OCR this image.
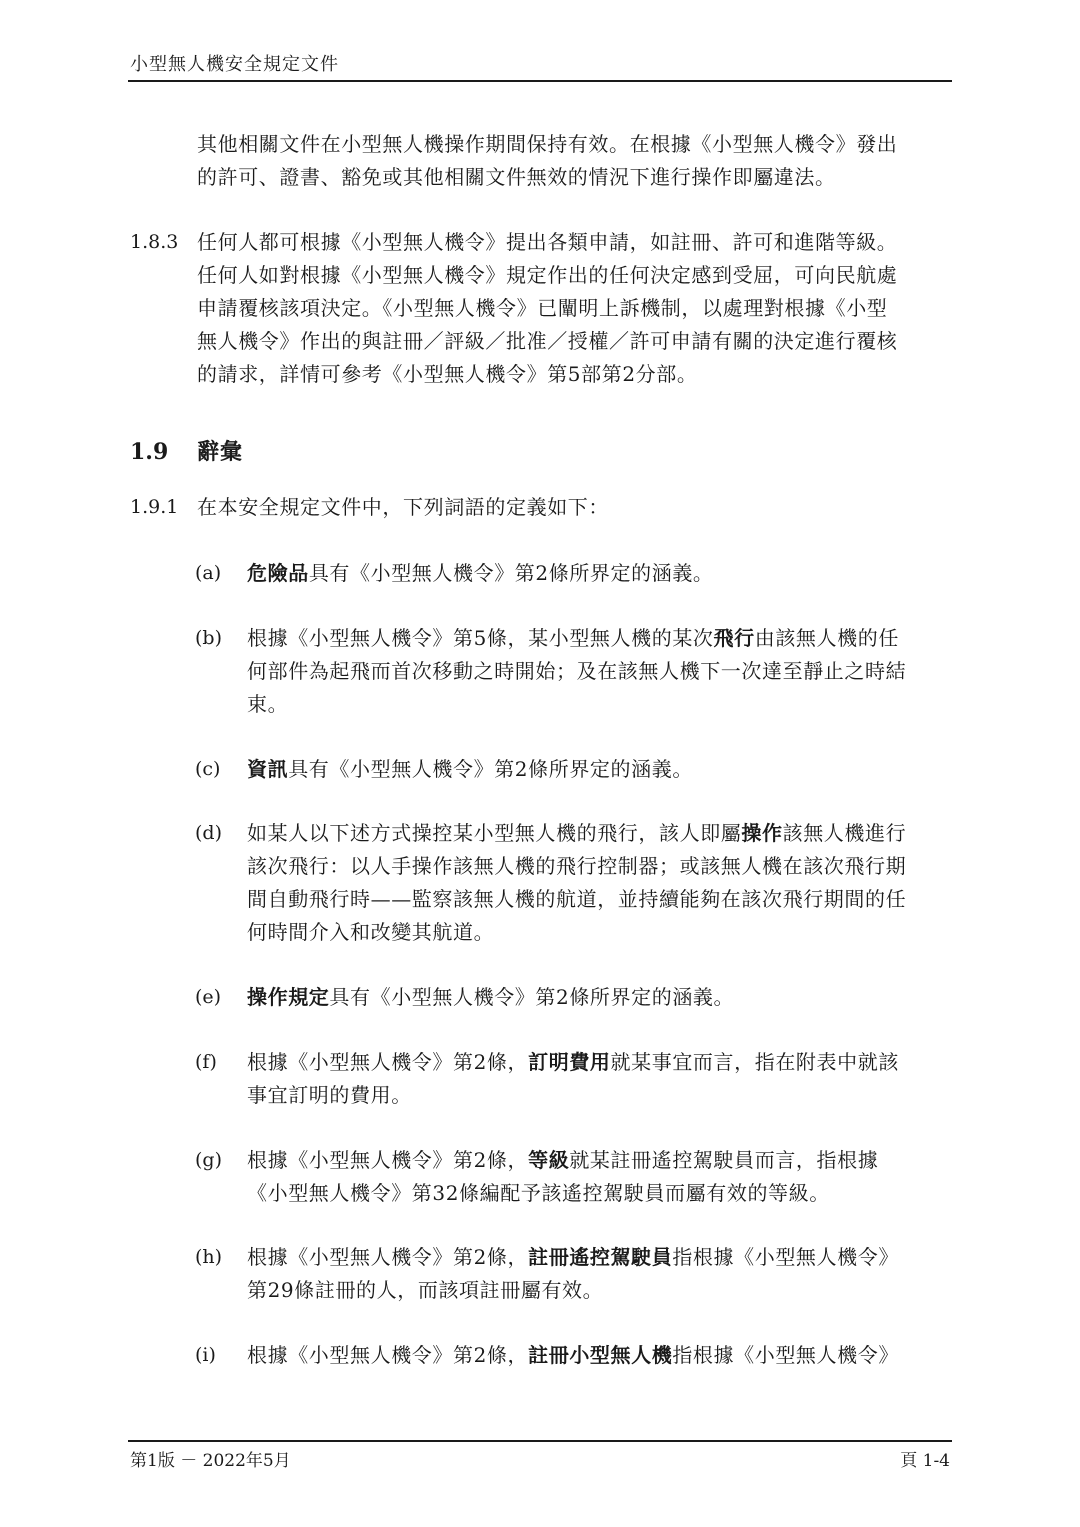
小型無人機安全規定文件
其他相關文件在小型無人機操作期間保持有效。在根據《小型無人機令》發出
的許可、證書、豁免或其他相關文件無效的情況下進行操作即屬違法。
1.8.3 任何人都可根據《小型無人機令》提出各類申請，如註冊、許可和進階等級。
任何人如對根據《小型無人機令》規定作出的任何決定感到受屈，可向民航處
申請覆核該項決定。《小型無人機令》已闡明上訴機制，以處理對根據《小型
無人機令》作出的與註冊／評級／批准／授權／許可申請有關的決定進行覆核
的請求，詳情可參考《小型無人機令》第5部第2分部。
1.9 辭彙
1.9.1 在本安全規定文件中，下列詞語的定義如下：
(a) 危險品具有《小型無人機令》第2條所界定的涵義。
(b) 根據《小型無人機令》第5條，某小型無人機的某次飛行由該無人機的任
何部件為起飛而首次移動之時開始；及在該無人機下一次達至靜止之時結
束。
(c) 資訊具有《小型無人機令》第2條所界定的涵義。
(d) 如某人以下述方式操控某小型無人機的飛行，該人即屬操作該無人機進行
該次飛行：以人手操作該無人機的飛行控制器；或該無人機在該次飛行期
間自動飛行時——監察該無人機的航道，並持續能夠在該次飛行期間的任
何時間介入和改變其航道。
(e) 操作規定具有《小型無人機令》第2條所界定的涵義。
(f) 根據《小型無人機令》第2條，訂明費用就某事宜而言，指在附表中就該
事宜訂明的費用。
(g) 根據《小型無人機令》第2條，等級就某註冊遙控駕駛員而言，指根據
《小型無人機令》第32條編配予該遙控駕駛員而屬有效的等級。
(h) 根據《小型無人機令》第2條，註冊遙控駕駛員指根據《小型無人機令》
第29條註冊的人，而該項註冊屬有效。
(i) 根據《小型無人機令》第2條，註冊小型無人機指根據《小型無人機令》
第1版 － 2022年5月	頁 1-4
